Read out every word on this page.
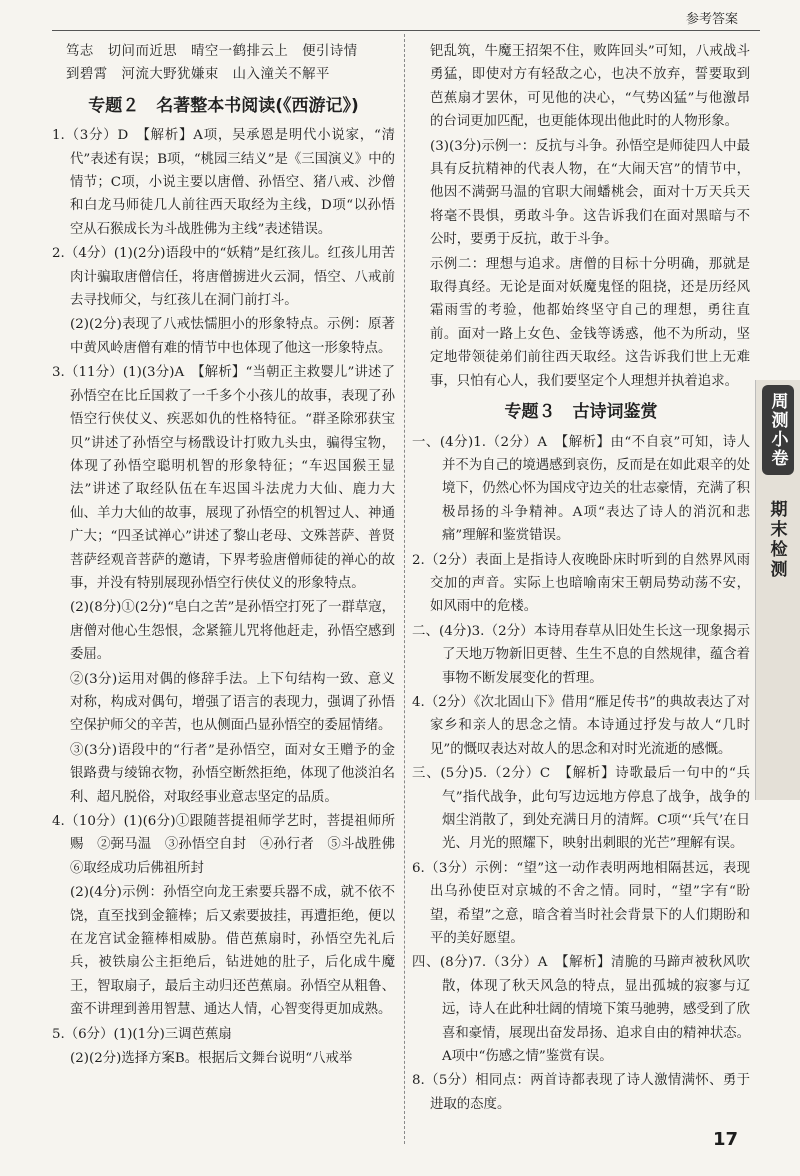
参考答案
笃志　切问而近思　晴空一鹤排云上　便引诗情
到碧霄　河流大野犹嫌束　山入潼关不解平
专题２　名著整本书阅读(《西游记》)
1.（3分）D　【解析】A项，吴承恩是明代小说家，“清代”表述有误；B项，“桃园三结义”是《三国演义》中的情节；C项，小说主要以唐僧、孙悟空、猪八戒、沙僧和白龙马师徒几人前往西天取经为主线，D项“以孙悟空从石猴成长为斗战胜佛为主线”表述错误。
2.（4分）(1)(2分)语段中的“妖精”是红孩儿。红孩儿用苦肉计骗取唐僧信任，将唐僧掳进火云洞，悟空、八戒前去寻找师父，与红孩儿在洞门前打斗。
(2)(2分)表现了八戒怯懦胆小的形象特点。示例：原著中黄风岭唐僧有难的情节中也体现了他这一形象特点。
3.（11分）(1)(3分)A　【解析】“当朝正主救婴儿”讲述了孙悟空在比丘国救了一千多个小孩儿的故事，表现了孙悟空行侠仗义、疾恶如仇的性格特征。“群圣除邪获宝贝”讲述了孙悟空与杨戬设计打败九头虫，骗得宝物，体现了孙悟空聪明机智的形象特征；“车迟国猴王显法”讲述了取经队伍在车迟国斗法虎力大仙、鹿力大仙、羊力大仙的故事，展现了孙悟空的机智过人、神通广大；“四圣试禅心”讲述了黎山老母、文殊菩萨、普贤菩萨经观音菩萨的邀请，下界考验唐僧师徒的禅心的故事，并没有特别展现孙悟空行侠仗义的形象特点。
(2)(8分)①(2分)“皂白之苦”是孙悟空打死了一群草寇，唐僧对他心生怨恨，念紧箍儿咒将他赶走，孙悟空感到委屈。
②(3分)运用对偶的修辞手法。上下句结构一致、意义对称，构成对偶句，增强了语言的表现力，强调了孙悟空保护师父的辛苦，也从侧面凸显孙悟空的委屈情绪。
③(3分)语段中的“行者”是孙悟空，面对女王赠予的金银路费与绫锦衣物，孙悟空断然拒绝，体现了他淡泊名利、超凡脱俗，对取经事业意志坚定的品质。
4.（10分）(1)(6分)①跟随菩提祖师学艺时，菩提祖师所赐　②弼马温　③孙悟空自封　④孙行者　⑤斗战胜佛　⑥取经成功后佛祖所封
(2)(4分)示例：孙悟空向龙王索要兵器不成，就不依不饶，直至找到金箍棒；后又索要披挂，再遭拒绝，便以在龙宫试金箍棒相威胁。借芭蕉扇时，孙悟空先礼后兵，被铁扇公主拒绝后，钻进她的肚子，后化成牛魔王，智取扇子，最后主动归还芭蕉扇。孙悟空从粗鲁、蛮不讲理到善用智慧、通达人情，心智变得更加成熟。
5.（6分）(1)(1分)三调芭蕉扇
(2)(2分)选择方案B。根据后文舞台说明“八戒举
钯乱筑，牛魔王招架不住，败阵回头”可知，八戒战斗勇猛，即使对方有轻敌之心，也决不放弃，誓要取到芭蕉扇才罢休，可见他的决心，“气势凶猛”与他激昂的台词更加匹配，也更能体现出他此时的人物形象。
(3)(3分)示例一：反抗与斗争。孙悟空是师徒四人中最具有反抗精神的代表人物，在“大闹天宫”的情节中，他因不满弼马温的官职大闹蟠桃会，面对十万天兵天将毫不畏惧，勇敢斗争。这告诉我们在面对黑暗与不公时，要勇于反抗，敢于斗争。
示例二：理想与追求。唐僧的目标十分明确，那就是取得真经。无论是面对妖魔鬼怪的阻挠，还是历经风霜雨雪的考验，他都始终坚守自己的理想，勇往直前。面对一路上女色、金钱等诱惑，他不为所动，坚定地带领徒弟们前往西天取经。这告诉我们世上无难事，只怕有心人，我们要坚定个人理想并执着追求。
专题３　古诗词鉴赏
一、(4分)1.（2分）A　【解析】由“不自哀”可知，诗人并不为自己的境遇感到哀伤，反而是在如此艰辛的处境下，仍然心怀为国戍守边关的壮志豪情，充满了积极昂扬的斗争精神。A项“表达了诗人的消沉和悲痛”理解和鉴赏错误。
2.（2分）表面上是指诗人夜晚卧床时听到的自然界风雨交加的声音。实际上也暗喻南宋王朝局势动荡不安，如风雨中的危楼。
二、(4分)3.（2分）本诗用春草从旧处生长这一现象揭示了天地万物新旧更替、生生不息的自然规律，蕴含着事物不断发展变化的哲理。
4.（2分）《次北固山下》借用“雁足传书”的典故表达了对家乡和亲人的思念之情。本诗通过抒发与故人“几时见”的慨叹表达对故人的思念和对时光流逝的感慨。
三、(5分)5.（2分）C　【解析】诗歌最后一句中的“兵气”指代战争，此句写边远地方停息了战争，战争的烟尘消散了，到处充满日月的清辉。C项“‘兵气’在日光、月光的照耀下，映射出刺眼的光芒”理解有误。
6.（3分）示例：“望”这一动作表明两地相隔甚远，表现出乌孙使臣对京城的不舍之情。同时，“望”字有“盼望，希望”之意，暗含着当时社会背景下的人们期盼和平的美好愿望。
四、(8分)7.（3分）A　【解析】清脆的马蹄声被秋风吹散，体现了秋天风急的特点，显出孤城的寂寥与辽远，诗人在此种壮阔的情境下策马驰骋，感受到了欣喜和豪情，展现出奋发昂扬、追求自由的精神状态。A项中“伤感之情”鉴赏有误。
8.（5分）相同点：两首诗都表现了诗人激情满怀、勇于进取的态度。
周测小卷
期末检测
17
